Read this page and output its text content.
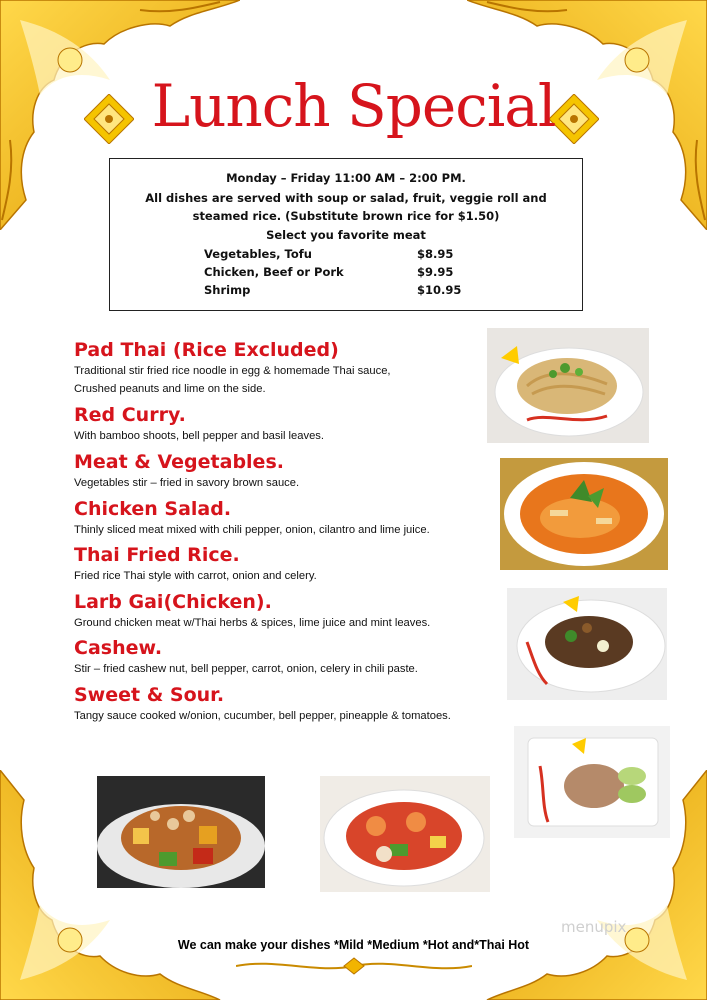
Lunch Special
Monday – Friday 11:00 AM – 2:00 PM.
All dishes are served with soup or salad, fruit, veggie roll and
steamed rice. (Substitute brown rice for $1.50)
Select you favorite meat
Vegetables, Tofu	$8.95
Chicken, Beef or Pork	$9.95
Shrimp	$10.95

Pad Thai (Rice Excluded)

Traditional stir fried rice noodle in egg & homemade Thai sauce,

Crushed peanuts and lime on the side.

Red Curry.

With bamboo shoots, bell pepper and basil leaves.

Meat & Vegetables.

Vegetables stir – fried in savory brown sauce.

Chicken Salad.

Thinly sliced meat mixed with chili pepper, onion, cilantro and lime juice.

Thai Fried Rice.

Fried rice Thai style with carrot, onion and celery.

Larb Gai(Chicken).

Ground chicken meat w/Thai herbs & spices, lime juice and mint leaves.

Cashew.

Stir – fried cashew nut, bell pepper, carrot, onion, celery in chili paste.

Sweet & Sour.

Tangy sauce cooked w/onion, cucumber, bell pepper, pineapple & tomatoes.

menupix
We can make your dishes *Mild *Medium *Hot and*Thai Hot
